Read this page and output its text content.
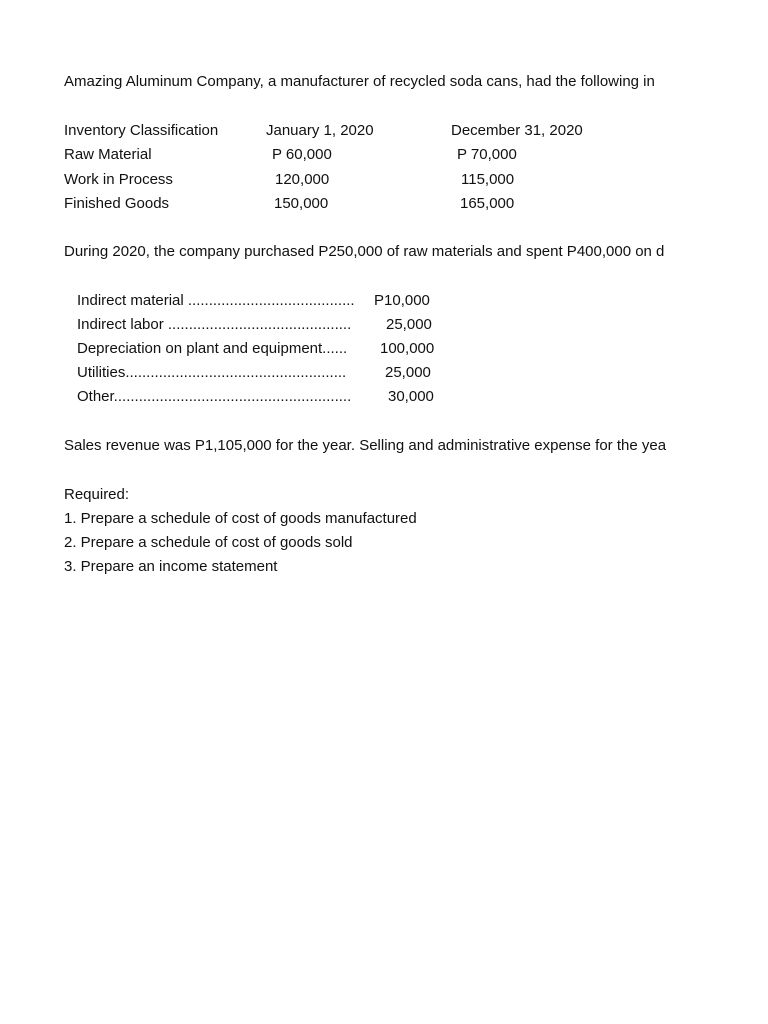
Amazing Aluminum Company, a manufacturer of recycled soda cans, had the following in
Inventory Classification	January 1, 2020	December 31, 2020
Raw Material	P 60,000	P 70,000
Work in Process	120,000	115,000
Finished Goods	150,000	165,000
During 2020, the company purchased P250,000 of raw materials and spent P400,000 on d
Indirect material ........................................ P10,000
Indirect labor ............................................ 25,000
Depreciation on plant and equipment...... 100,000
Utilities.....................................................	25,000
Other......................................................... 30,000
Sales revenue was P1,105,000 for the year. Selling and administrative expense for the yea
Required:
1. Prepare a schedule of cost of goods manufactured
2. Prepare a schedule of cost of goods sold
3. Prepare an income statement
